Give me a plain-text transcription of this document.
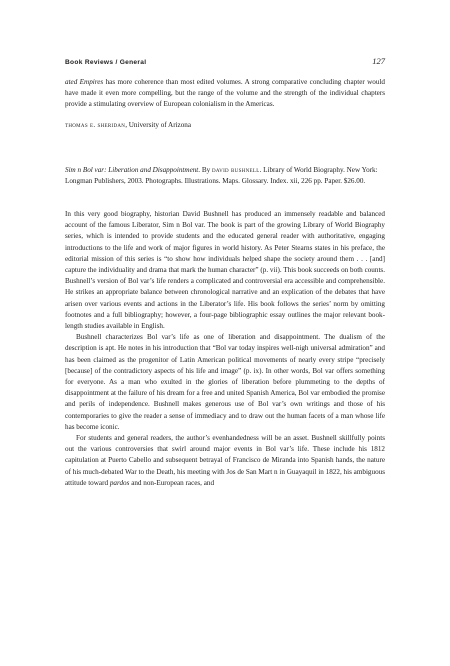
Book Reviews / General	127

ated Empires has more coherence than most edited volumes. A strong comparative concluding chapter would have made it even more compelling, but the range of the volume and the strength of the individual chapters provide a stimulating overview of European colonialism in the Americas.

thomas e. sheridan, University of Arizona

Sim n Bol var: Liberation and Disappointment. By david bushnell. Library of World Biography. New York: Longman Publishers, 2003. Photographs. Illustrations. Maps. Glossary. Index. xii, 226 pp. Paper. $26.00.

In this very good biography, historian David Bushnell has produced an immensely readable and balanced account of the famous Liberator, Sim n Bol var. The book is part of the growing Library of World Biography series, which is intended to provide students and the educated general reader with authoritative, engaging introductions to the life and work of major figures in world history. As Peter Stearns states in his preface, the editorial mission of this series is “to show how individuals helped shape the society around them . . . [and] capture the individuality and drama that mark the human character” (p. vii). This book succeeds on both counts. Bushnell’s version of Bol var’s life renders a complicated and controversial era accessible and comprehensible. He strikes an appropriate balance between chronological narrative and an explication of the debates that have arisen over various events and actions in the Liberator’s life. His book follows the series’ norm by omitting footnotes and a full bibliography; however, a four-page bibliographic essay outlines the major relevant book-length studies available in English.

Bushnell characterizes Bol var’s life as one of liberation and disappointment. The dualism of the description is apt. He notes in his introduction that “Bol var today inspires well-nigh universal admiration” and has been claimed as the progenitor of Latin American political movements of nearly every stripe “precisely [because] of the contradictory aspects of his life and image” (p. ix). In other words, Bol var offers something for everyone. As a man who exulted in the glories of liberation before plummeting to the depths of disappointment at the failure of his dream for a free and united Spanish America, Bol var embodied the promise and perils of independence. Bushnell makes generous use of Bol var’s own writings and those of his contemporaries to give the reader a sense of immediacy and to draw out the human facets of a man whose life has become iconic.

For students and general readers, the author’s evenhandedness will be an asset. Bushnell skillfully points out the various controversies that swirl around major events in Bol var’s life. These include his 1812 capitulation at Puerto Cabello and subsequent betrayal of Francisco de Miranda into Spanish hands, the nature of his much-debated War to the Death, his meeting with Jos de San Mart n in Guayaquil in 1822, his ambiguous attitude toward pardos and non-European races, and
